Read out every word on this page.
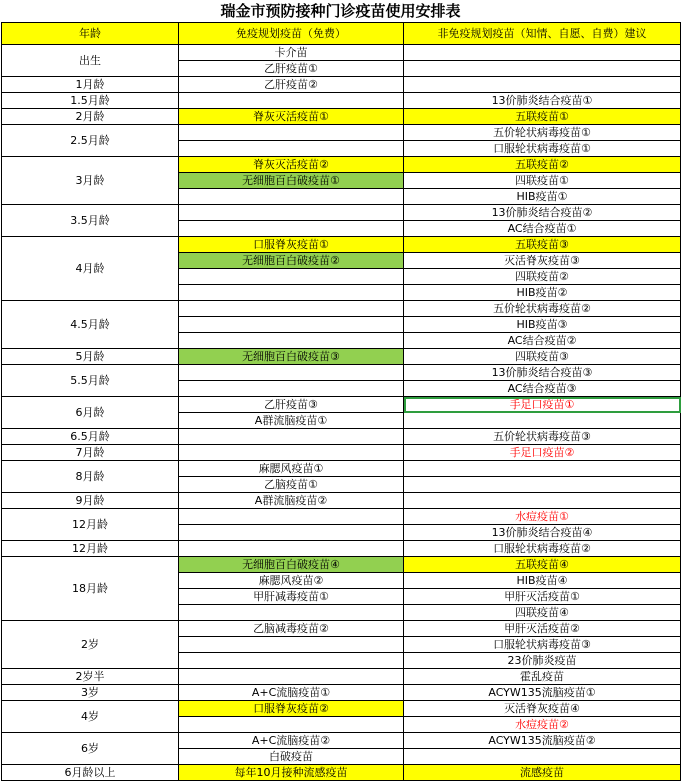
瑞金市预防接种门诊疫苗使用安排表
年龄	免疫规划疫苗（免费）	非免疫规划疫苗（知情、自愿、自费）建议
出生	卡介苗	
	乙肝疫苗①	
1月龄	乙肝疫苗②	
1.5月龄		13价肺炎结合疫苗①
2月龄	脊灰灭活疫苗①	五联疫苗①
2.5月龄		五价轮状病毒疫苗①
		口服轮状病毒疫苗①
3月龄	脊灰灭活疫苗②	五联疫苗②
	无细胞百白破疫苗①	四联疫苗①
		HIB疫苗①
3.5月龄		13价肺炎结合疫苗②
		AC结合疫苗①
4月龄	口服脊灰疫苗①	五联疫苗③
	无细胞百白破疫苗②	灭活脊灰疫苗③
		四联疫苗②
		HIB疫苗②
4.5月龄		五价轮状病毒疫苗②
		HIB疫苗③
		AC结合疫苗②
5月龄	无细胞百白破疫苗③	四联疫苗③
5.5月龄		13价肺炎结合疫苗③
		AC结合疫苗③
6月龄	乙肝疫苗③	手足口疫苗①
	A群流脑疫苗①	
6.5月龄		五价轮状病毒疫苗③
7月龄		手足口疫苗②
8月龄	麻腮风疫苗①	
	乙脑疫苗①	
9月龄	A群流脑疫苗②	
12月龄		水痘疫苗①
		13价肺炎结合疫苗④
12月龄		口服轮状病毒疫苗②
18月龄	无细胞百白破疫苗④	五联疫苗④
	麻腮风疫苗②	HIB疫苗④
	甲肝减毒疫苗①	甲肝灭活疫苗①
		四联疫苗④
2岁	乙脑减毒疫苗②	甲肝灭活疫苗②
		口服轮状病毒疫苗③
		23价肺炎疫苗
2岁半		霍乱疫苗
3岁	A+C流脑疫苗①	ACYW135流脑疫苗①
4岁	口服脊灰疫苗②	灭活脊灰疫苗④
		水痘疫苗②
6岁	A+C流脑疫苗②	ACYW135流脑疫苗②
	白破疫苗	
6月龄以上	每年10月接种流感疫苗	流感疫苗
